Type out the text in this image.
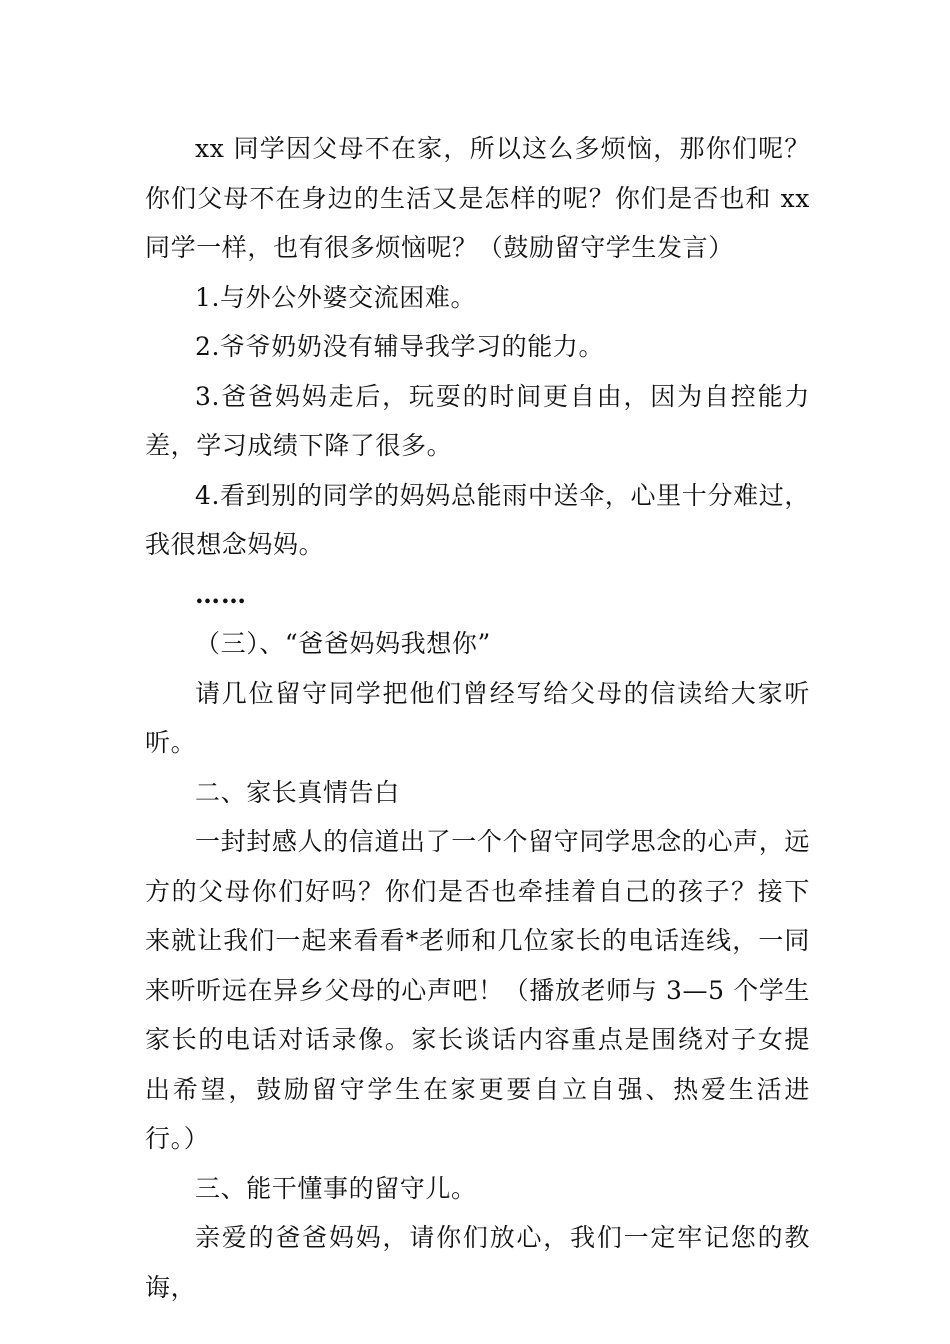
xx 同学因父母不在家，所以这么多烦恼，那你们呢？你们父母不在身边的生活又是怎样的呢？你们是否也和 xx 同学一样，也有很多烦恼呢？（鼓励留守学生发言）

1.与外公外婆交流困难。

2.爷爷奶奶没有辅导我学习的能力。

3.爸爸妈妈走后，玩耍的时间更自由，因为自控能力差，学习成绩下降了很多。

4.看到别的同学的妈妈总能雨中送伞，心里十分难过，我很想念妈妈。

……

（三）、“爸爸妈妈我想你”

请几位留守同学把他们曾经写给父母的信读给大家听听。

二、家长真情告白

一封封感人的信道出了一个个留守同学思念的心声，远方的父母你们好吗？你们是否也牵挂着自己的孩子？接下来就让我们一起来看看*老师和几位家长的电话连线，一同来听听远在异乡父母的心声吧！（播放老师与 3—5 个学生家长的电话对话录像。家长谈话内容重点是围绕对子女提出希望，鼓励留守学生在家更要自立自强、热爱生活进行。）

三、能干懂事的留守儿。

亲爱的爸爸妈妈，请你们放心，我们一定牢记您的教诲，
